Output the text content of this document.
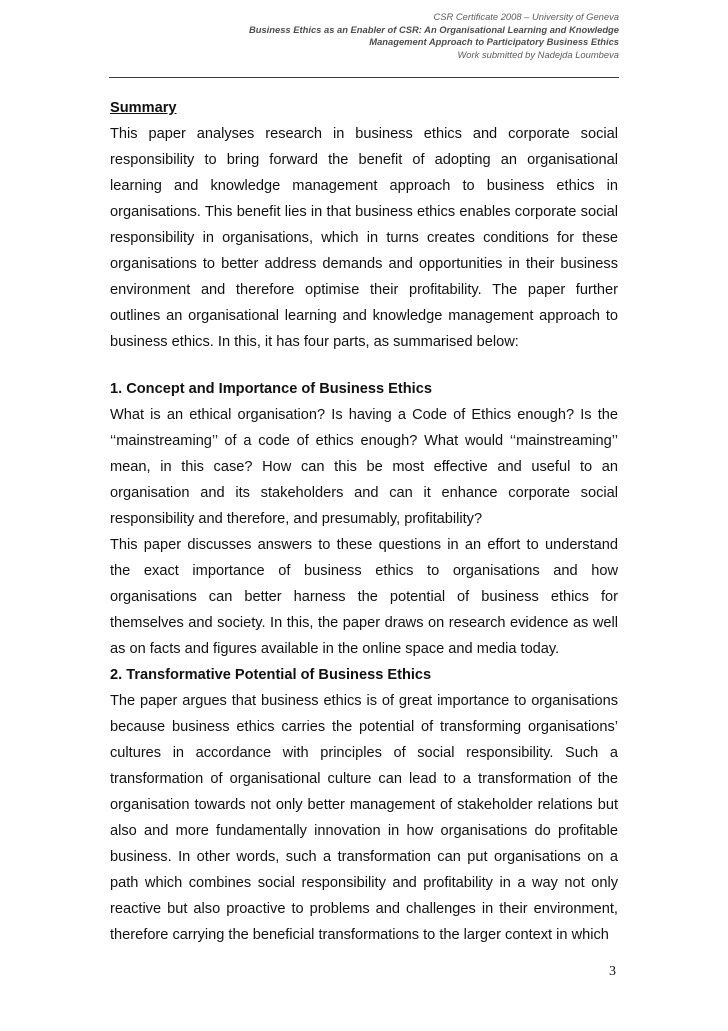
CSR Certificate 2008 – University of Geneva
Business Ethics as an Enabler of CSR: An Organisational Learning and Knowledge
Management Approach to Participatory Business Ethics
Work submitted by Nadejda Loumbeva

Summary

This paper analyses research in business ethics and corporate social responsibility to bring forward the benefit of adopting an organisational learning and knowledge management approach to business ethics in organisations. This benefit lies in that business ethics enables corporate social responsibility in organisations, which in turns creates conditions for these organisations to better address demands and opportunities in their business environment and therefore optimise their profitability. The paper further outlines an organisational learning and knowledge management approach to business ethics. In this, it has four parts, as summarised below:

1. Concept and Importance of Business Ethics

What is an ethical organisation? Is having a Code of Ethics enough? Is the ‘‘mainstreaming’’ of a code of ethics enough? What would ‘‘mainstreaming’’ mean, in this case? How can this be most effective and useful to an organisation and its stakeholders and can it enhance corporate social responsibility and therefore, and presumably, profitability?

This paper discusses answers to these questions in an effort to understand the exact importance of business ethics to organisations and how organisations can better harness the potential of business ethics for themselves and society. In this, the paper draws on research evidence as well as on facts and figures available in the online space and media today.

2. Transformative Potential of Business Ethics

The paper argues that business ethics is of great importance to organisations because business ethics carries the potential of transforming organisations’ cultures in accordance with principles of social responsibility. Such a transformation of organisational culture can lead to a transformation of the organisation towards not only better management of stakeholder relations but also and more fundamentally innovation in how organisations do profitable business. In other words, such a transformation can put organisations on a path which combines social responsibility and profitability in a way not only reactive but also proactive to problems and challenges in their environment, therefore carrying the beneficial transformations to the larger context in which

3
